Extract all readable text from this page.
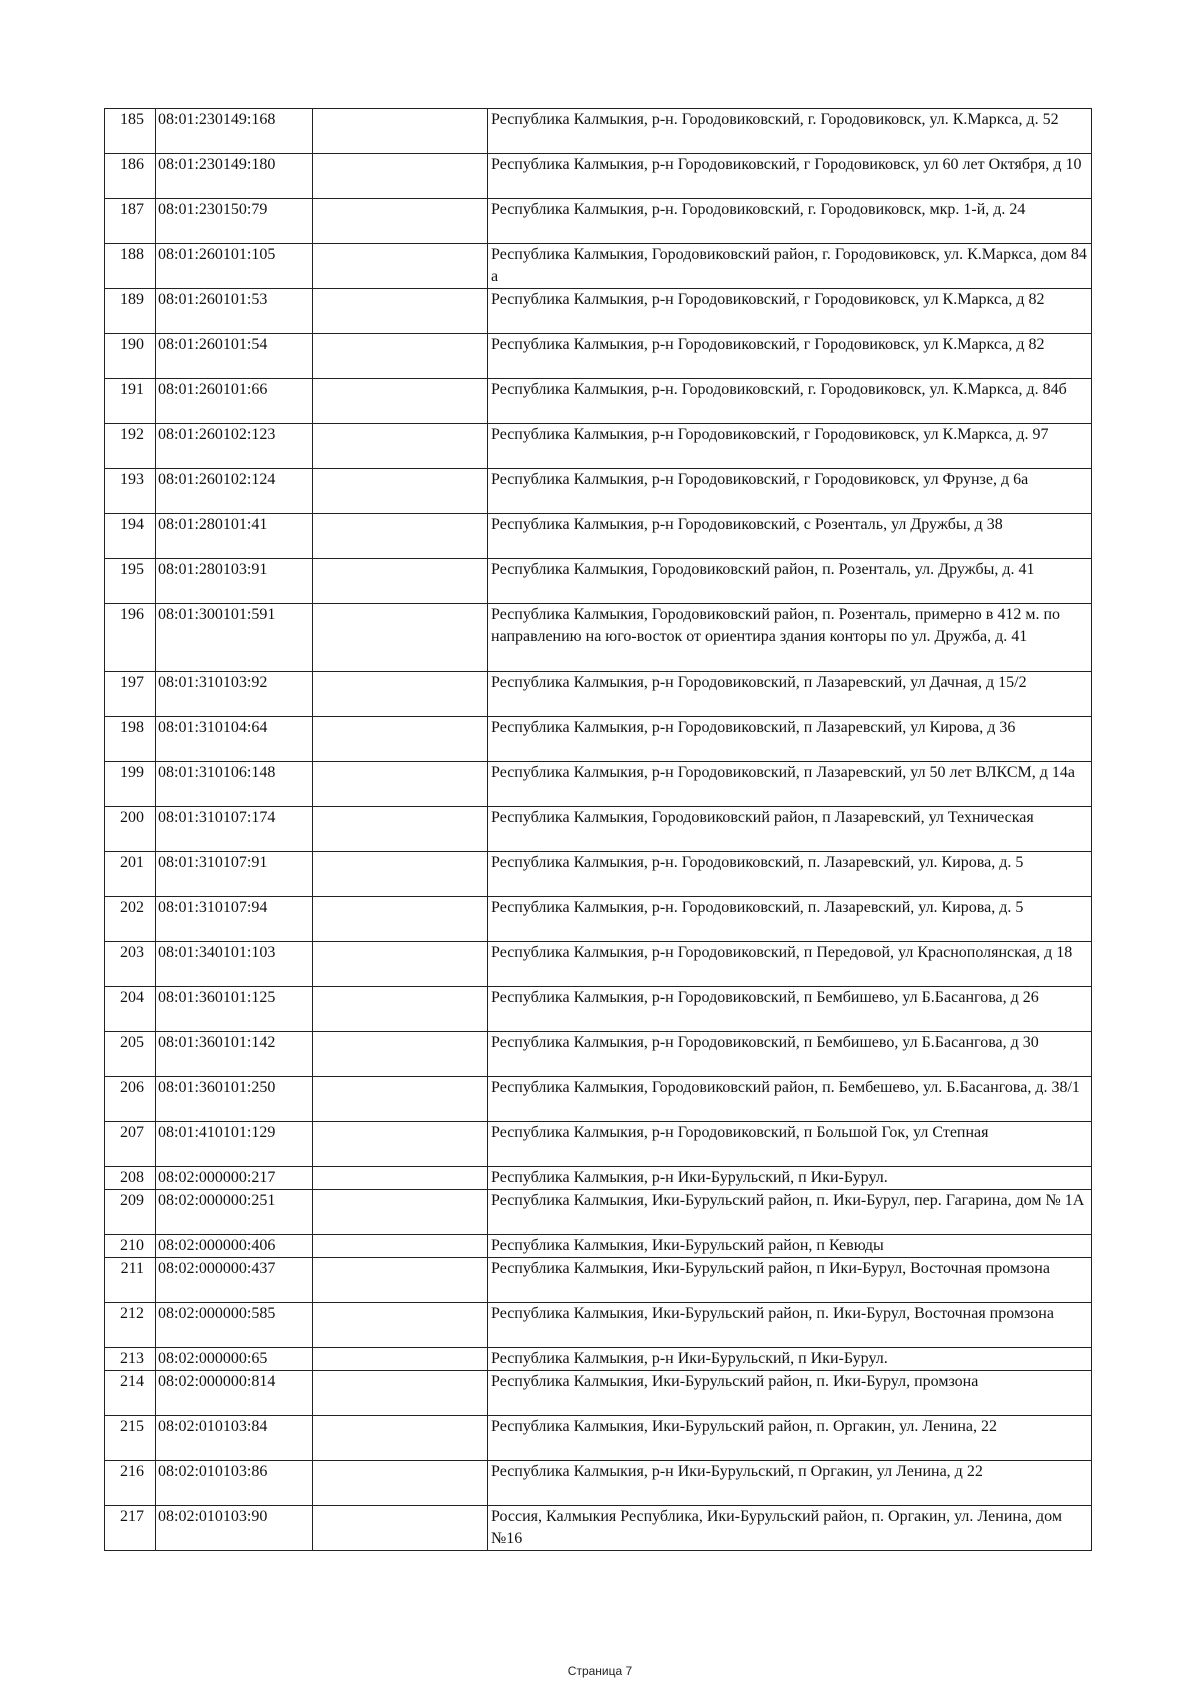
185	08:01:230149:168		Республика Калмыкия, р-н. Городовиковский, г. Городовиковск, ул. К.Маркса, д. 52
186	08:01:230149:180		Республика Калмыкия, р-н Городовиковский, г Городовиковск, ул 60 лет Октября, д 10
187	08:01:230150:79		Республика Калмыкия, р-н. Городовиковский, г. Городовиковск, мкр. 1-й, д. 24
188	08:01:260101:105		Республика Калмыкия, Городовиковский район, г. Городовиковск, ул. К.Маркса, дом 84 а
189	08:01:260101:53		Республика Калмыкия, р-н Городовиковский, г Городовиковск, ул К.Маркса, д 82
190	08:01:260101:54		Республика Калмыкия, р-н Городовиковский, г Городовиковск, ул К.Маркса, д 82
191	08:01:260101:66		Республика Калмыкия, р-н. Городовиковский, г. Городовиковск, ул. К.Маркса, д. 84б
192	08:01:260102:123		Республика Калмыкия, р-н Городовиковский, г Городовиковск, ул К.Маркса, д. 97
193	08:01:260102:124		Республика Калмыкия, р-н Городовиковский, г Городовиковск, ул Фрунзе, д 6а
194	08:01:280101:41		Республика Калмыкия, р-н Городовиковский, с Розенталь, ул Дружбы, д 38
195	08:01:280103:91		Республика Калмыкия, Городовиковский район, п. Розенталь, ул. Дружбы, д. 41
196	08:01:300101:591		Республика Калмыкия, Городовиковский район, п. Розенталь, примерно в 412 м. по направлению на юго-восток от ориентира здания конторы по ул. Дружба, д. 41
197	08:01:310103:92		Республика Калмыкия, р-н Городовиковский, п Лазаревский, ул Дачная, д 15/2
198	08:01:310104:64		Республика Калмыкия, р-н Городовиковский, п Лазаревский, ул Кирова, д 36
199	08:01:310106:148		Республика Калмыкия, р-н Городовиковский, п Лазаревский, ул 50 лет ВЛКСМ, д 14а
200	08:01:310107:174		Республика Калмыкия, Городовиковский район, п Лазаревский, ул Техническая
201	08:01:310107:91		Республика Калмыкия, р-н. Городовиковский, п. Лазаревский, ул. Кирова, д. 5
202	08:01:310107:94		Республика Калмыкия, р-н. Городовиковский, п. Лазаревский, ул. Кирова, д. 5
203	08:01:340101:103		Республика Калмыкия, р-н Городовиковский, п Передовой, ул Краснополянская, д 18
204	08:01:360101:125		Республика Калмыкия, р-н Городовиковский, п Бембишево, ул Б.Басангова, д 26
205	08:01:360101:142		Республика Калмыкия, р-н Городовиковский, п Бембишево, ул Б.Басангова, д 30
206	08:01:360101:250		Республика Калмыкия, Городовиковский район, п. Бембешево, ул. Б.Басангова, д. 38/1
207	08:01:410101:129		Республика Калмыкия, р-н Городовиковский, п Большой Гок, ул Степная
208	08:02:000000:217		Республика Калмыкия, р-н Ики-Бурульский, п Ики-Бурул.
209	08:02:000000:251		Республика Калмыкия, Ики-Бурульский район, п. Ики-Бурул, пер. Гагарина, дом № 1А
210	08:02:000000:406		Республика Калмыкия, Ики-Бурульский район, п Кевюды
211	08:02:000000:437		Республика Калмыкия, Ики-Бурульский район, п Ики-Бурул, Восточная промзона
212	08:02:000000:585		Республика Калмыкия, Ики-Бурульский район, п. Ики-Бурул, Восточная промзона
213	08:02:000000:65		Республика Калмыкия, р-н Ики-Бурульский, п Ики-Бурул.
214	08:02:000000:814		Республика Калмыкия, Ики-Бурульский район, п. Ики-Бурул, промзона
215	08:02:010103:84		Республика Калмыкия, Ики-Бурульский район, п. Оргакин, ул. Ленина, 22
216	08:02:010103:86		Республика Калмыкия, р-н Ики-Бурульский, п Оргакин, ул Ленина, д 22
217	08:02:010103:90		Россия, Калмыкия Республика, Ики-Бурульский район, п. Оргакин, ул. Ленина, дом №16
Страница 7
